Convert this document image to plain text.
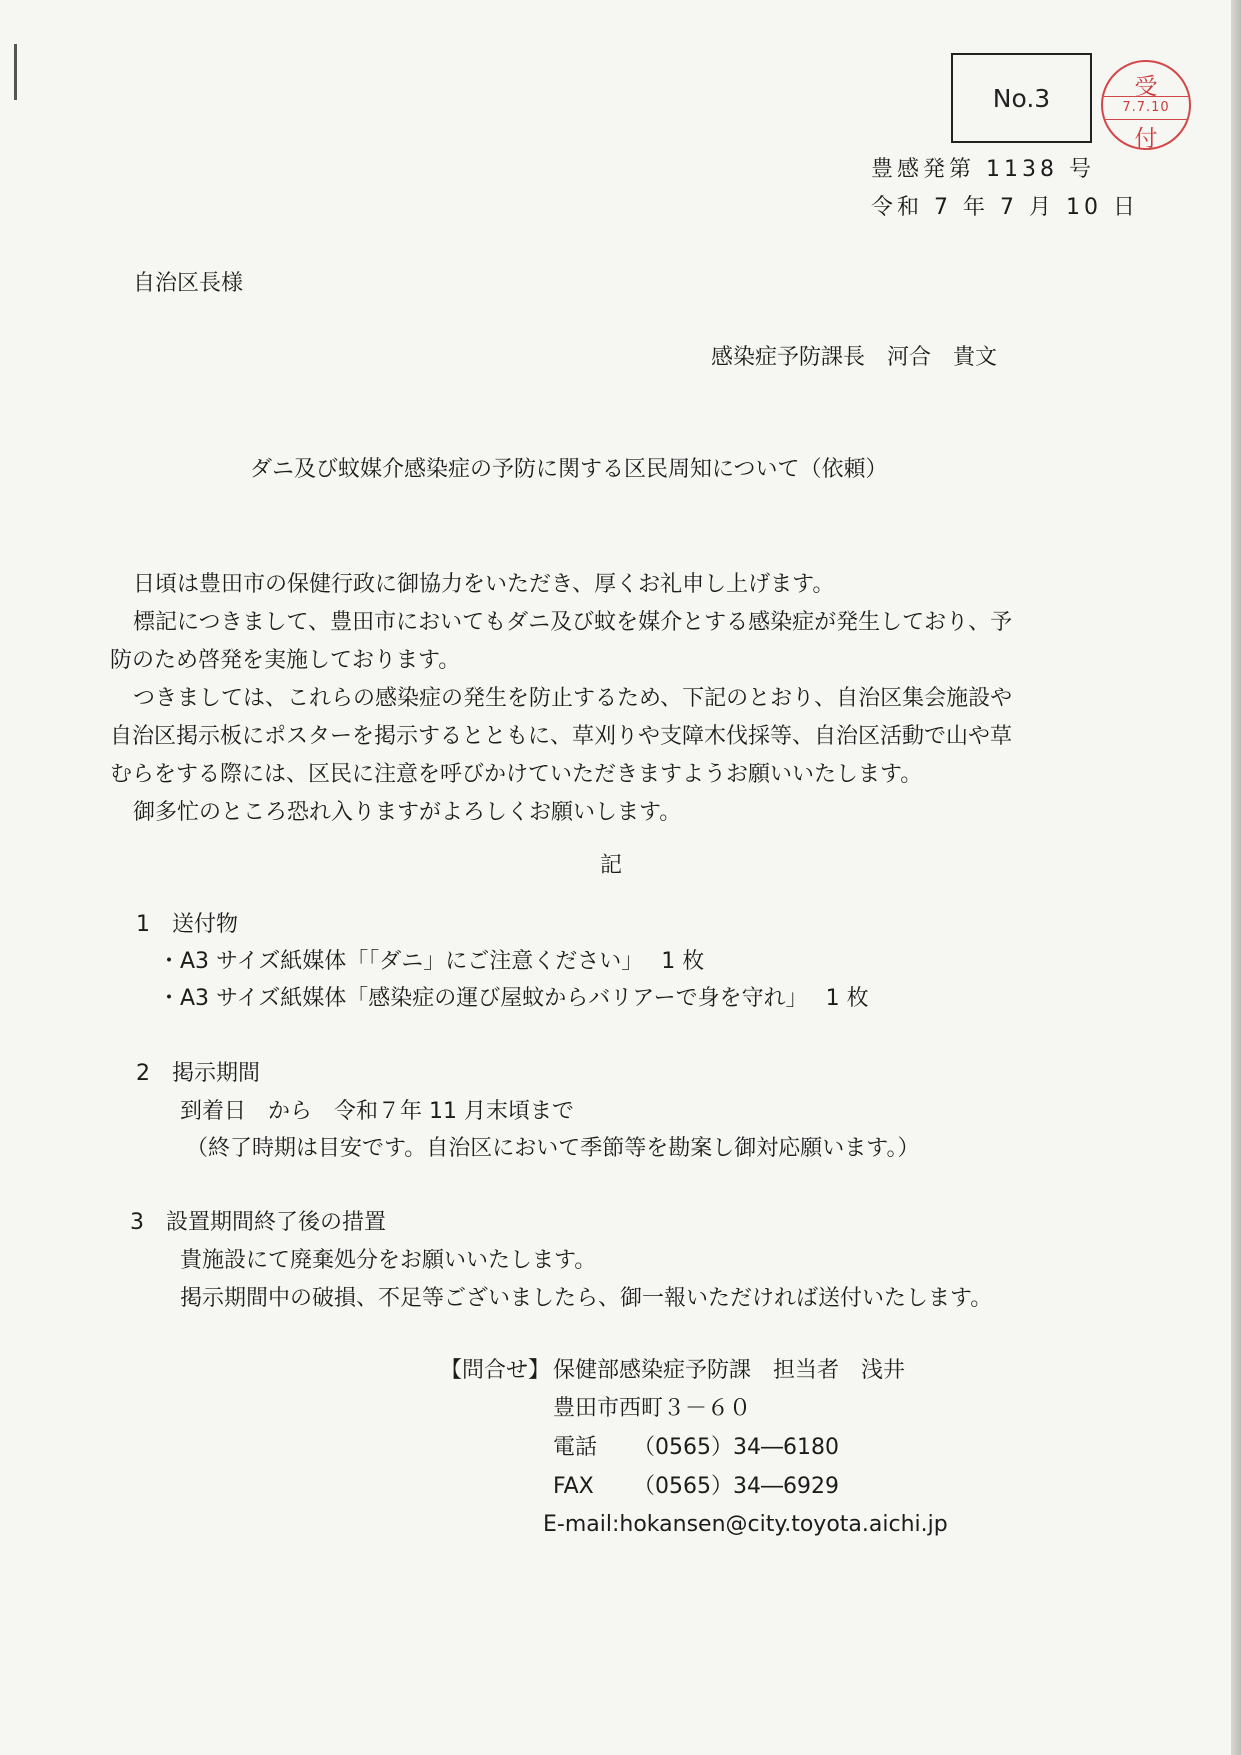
No.3	受
7.7.10
付
豊感発第 1138 号
令和 7 年 7 月 10 日
自治区長様
感染症予防課長　河合　貴文
ダニ及び蚊媒介感染症の予防に関する区民周知について（依頼）
日頃は豊田市の保健行政に御協力をいただき、厚くお礼申し上げます。
標記につきまして、豊田市においてもダニ及び蚊を媒介とする感染症が発生しており、予
防のため啓発を実施しております。
つきましては、これらの感染症の発生を防止するため、下記のとおり、自治区集会施設や
自治区掲示板にポスターを掲示するとともに、草刈りや支障木伐採等、自治区活動で山や草
むらをする際には、区民に注意を呼びかけていただきますようお願いいたします。
御多忙のところ恐れ入りますがよろしくお願いします。
記
1　送付物
・A3 サイズ紙媒体「「ダニ」にご注意ください」　 1 枚
・A3 サイズ紙媒体「感染症の運び屋蚊からバリアーで身を守れ」　 1 枚
2　掲示期間
到着日　から　令和７年 11 月末頃まで
（終了時期は目安です。自治区において季節等を勘案し御対応願います。）
3　設置期間終了後の措置
貴施設にて廃棄処分をお願いいたします。
掲示期間中の破損、不足等ございましたら、御一報いただければ送付いたします。
【問合せ】 保健部感染症予防課　担当者　浅井
豊田市西町３－６０
電話 （0565）34―6180
FAX （0565）34―6929
E-mail:hokansen@city.toyota.aichi.jp
